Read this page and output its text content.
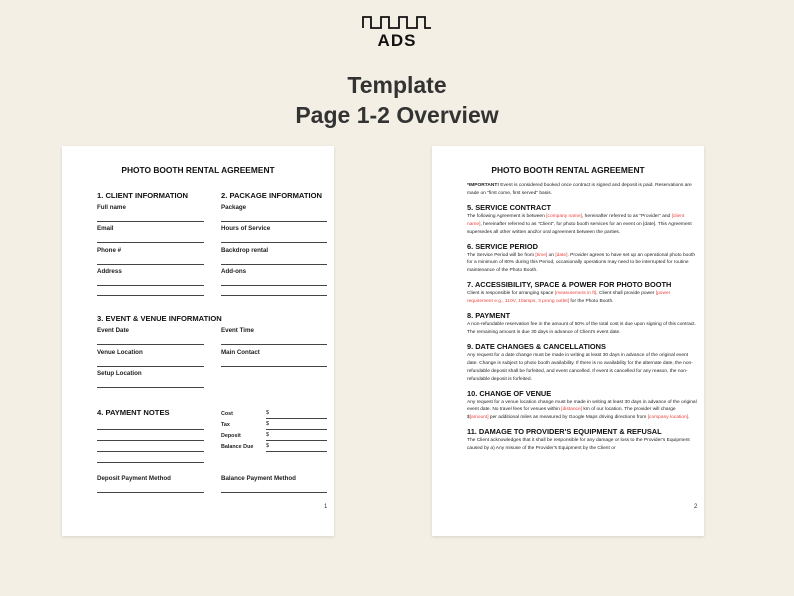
ADS
Template
Page 1-2 Overview
PHOTO BOOTH RENTAL AGREEMENT
1. CLIENT INFORMATION
Full name
Email
Phone #
Address
2. PACKAGE INFORMATION
Package
Hours of Service
Backdrop rental
Add-ons
3. EVENT & VENUE INFORMATION
Event Date	Event Time
Venue Location	Main Contact
Setup Location
4. PAYMENT NOTES	Cost	$
Tax	$
Deposit	$
Balance Due $
Deposit Payment Method	Balance Payment Method
1
PHOTO BOOTH RENTAL AGREEMENT

*IMPORTANT! Event is considered booked once contract is signed and deposit is paid. Reservations are made on "first come, first served" basis.

5. SERVICE CONTRACT

The following Agreement is between [company name], hereinafter referred to as "Provider" and [client name], hereinafter referred to as "Client", for photo booth services for an event on [date]. This Agreement supersedes all other written and/or oral agreement between the parties.

6. SERVICE PERIOD

The Service Period will be from [time] on [date]. Provider agrees to have set up an operational photo booth for a minimum of 80% during this Period, occasionally operations may need to be interrupted for routine maintenance of the Photo Booth.

7. ACCESSIBILITY, SPACE & POWER FOR PHOTO BOOTH

Client is responsible for arranging space [measurement in ft]. Client shall provide power [power requirement e.g., 110V, 10amps, 3 prong outlet] for the Photo Booth.

8. PAYMENT

A non-refundable reservation fee in the amount of 50% of the total cost is due upon signing of this contract. The remaining amount is due 30 days in advance of Client's event date.

9. DATE CHANGES & CANCELLATIONS

Any request for a date change must be made in writing at least 30 days in advance of the original event date. Change is subject to photo booth availability. If there is no availability for the alternate date, the non-refundable deposit shall be forfeited, and event cancelled. If event is cancelled for any reason, the non-refundable deposit is forfeited.

10. CHANGE OF VENUE

Any request for a venue location change must be made in writing at least 30 days in advance of the original event date. No travel fees for venues within [distance] km of our location. The provider will charge $[amount] per additional miles as measured by Google Maps driving directions from [company location].

11. DAMAGE TO PROVIDER'S EQUIPMENT & REFUSAL

The Client acknowledges that it shall be responsible for any damage or loss to the Provider's Equipment caused by a) Any misuse of the Provider's Equipment by the Client or

2
